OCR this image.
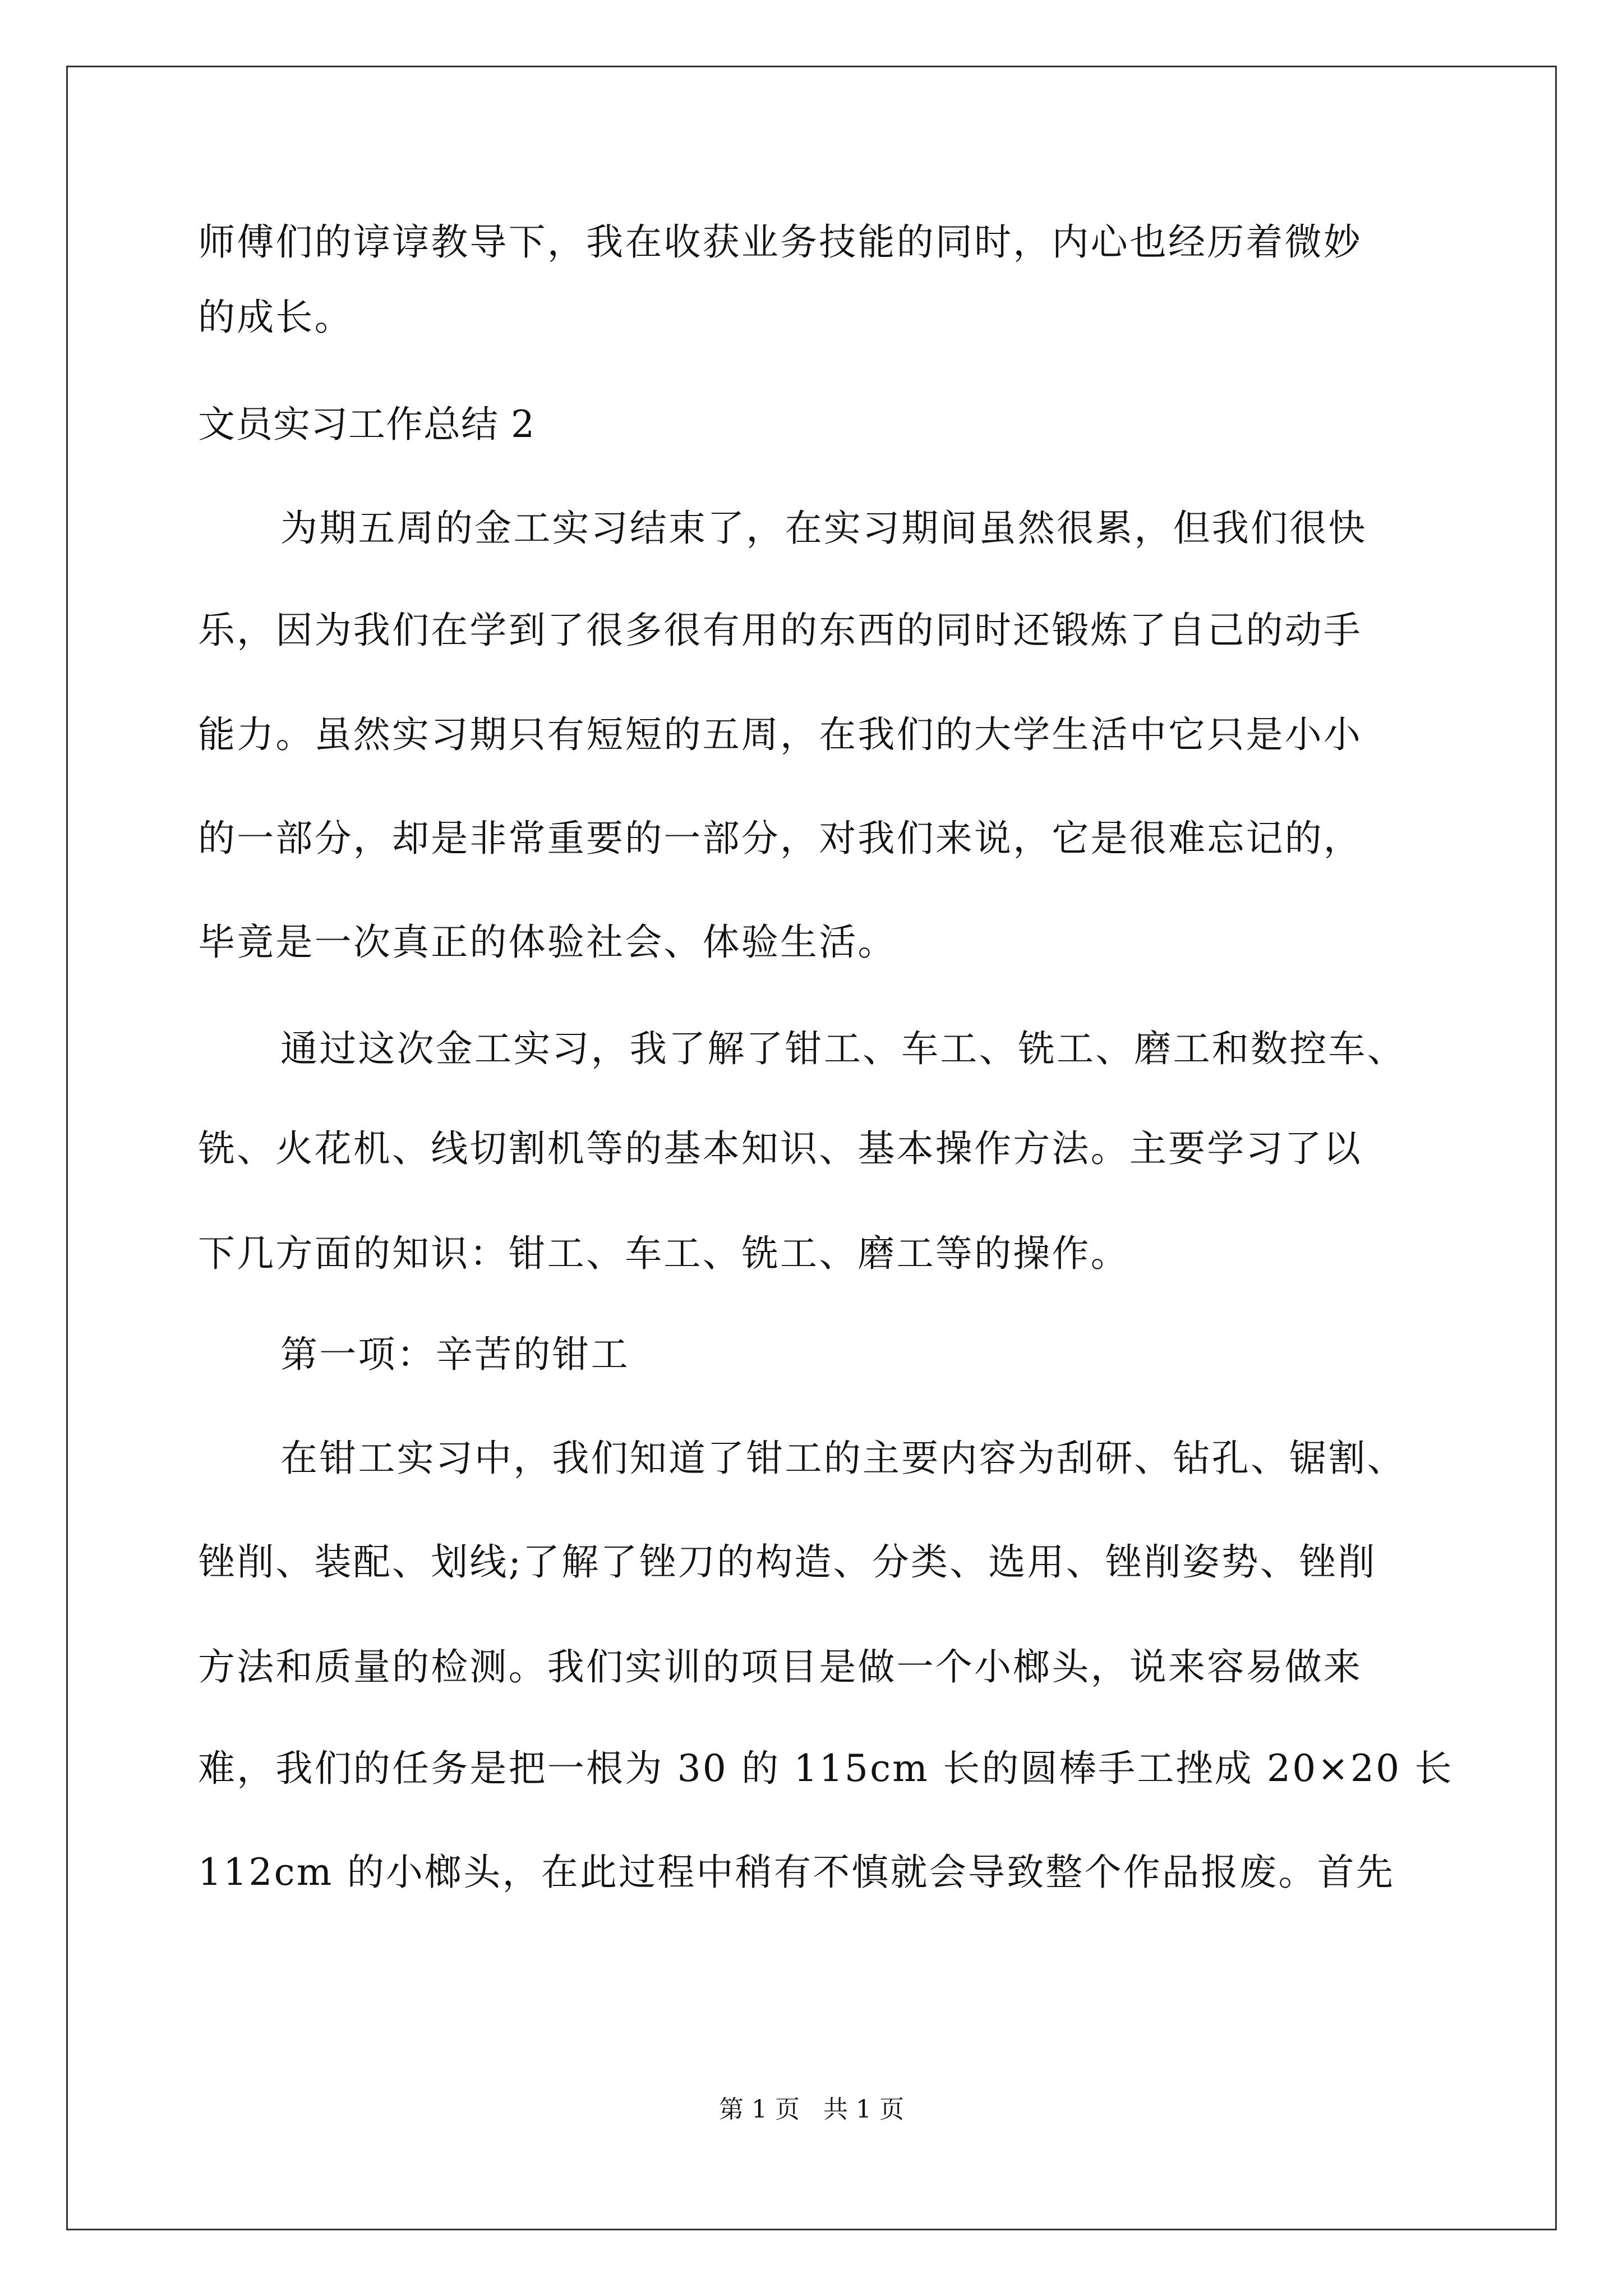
师傅们的谆谆教导下，我在收获业务技能的同时，内心也经历着微妙
的成长。
文员实习工作总结 2
为期五周的金工实习结束了，在实习期间虽然很累，但我们很快
乐，因为我们在学到了很多很有用的东西的同时还锻炼了自己的动手
能力。虽然实习期只有短短的五周，在我们的大学生活中它只是小小
的一部分，却是非常重要的一部分，对我们来说，它是很难忘记的，
毕竟是一次真正的体验社会、体验生活。
通过这次金工实习，我了解了钳工、车工、铣工、磨工和数控车、
铣、火花机、线切割机等的基本知识、基本操作方法。主要学习了以
下几方面的知识：钳工、车工、铣工、磨工等的操作。
第一项：辛苦的钳工
在钳工实习中，我们知道了钳工的主要内容为刮研、钻孔、锯割、
锉削、装配、划线;了解了锉刀的构造、分类、选用、锉削姿势、锉削
方法和质量的检测。我们实训的项目是做一个小榔头，说来容易做来
难，我们的任务是把一根为 30 的 115cm 长的圆棒手工挫成 20×20 长
112cm 的小榔头，在此过程中稍有不慎就会导致整个作品报废。首先
第 1 页   共 1 页
